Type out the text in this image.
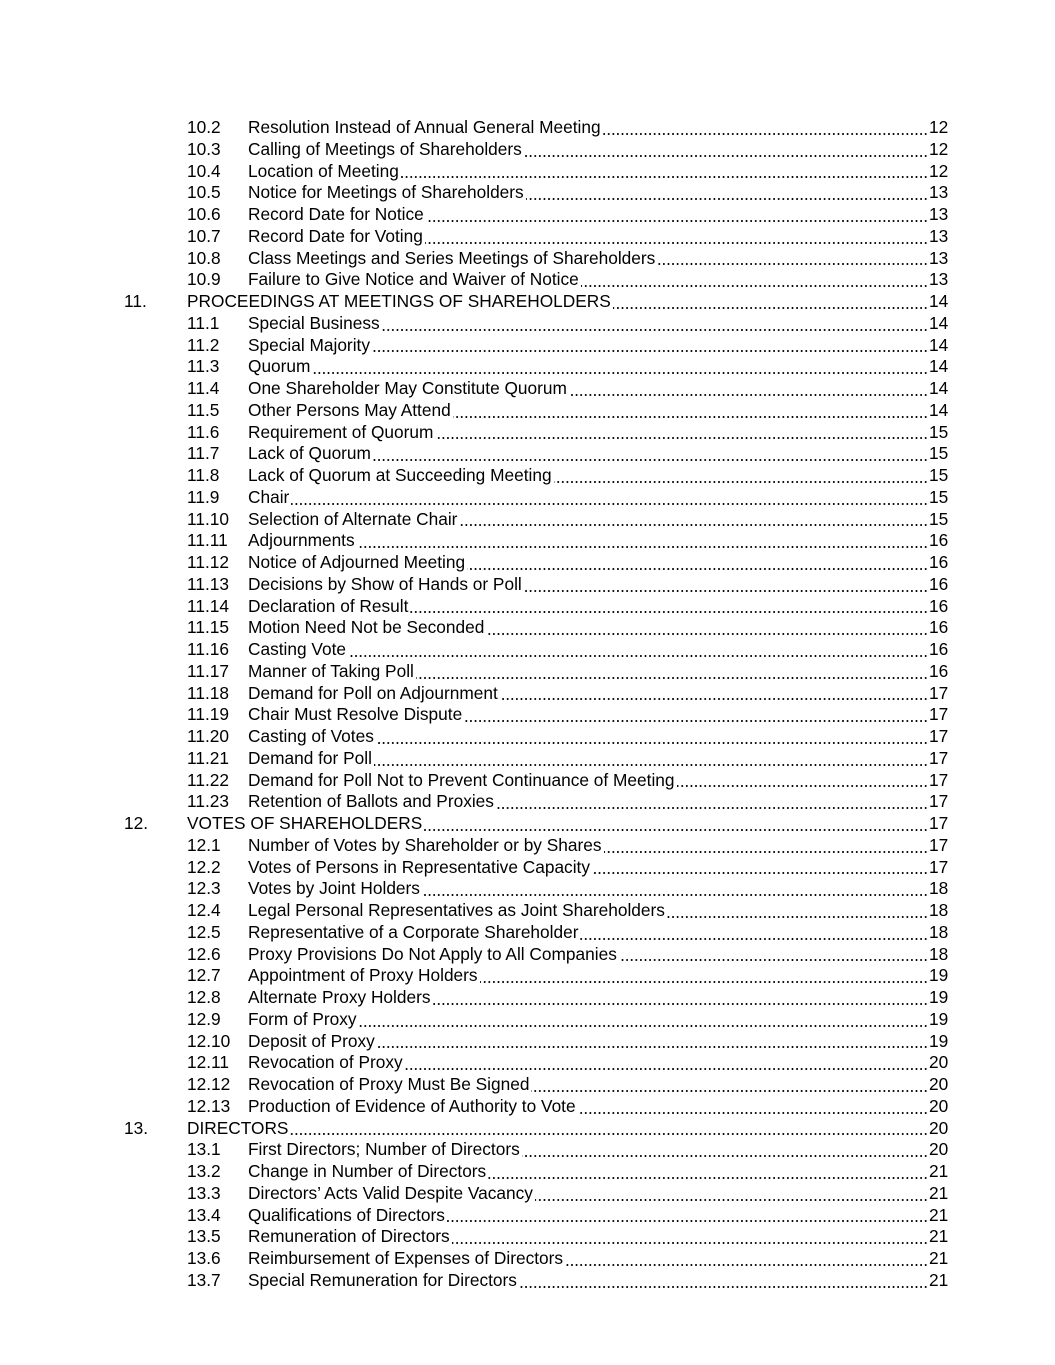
10.2 Resolution Instead of Annual General Meeting	12
10.3 Calling of Meetings of Shareholders	12
10.4 Location of Meeting	12
10.5 Notice for Meetings of Shareholders	13
10.6 Record Date for Notice	13
10.7 Record Date for Voting	13
10.8 Class Meetings and Series Meetings of Shareholders	13
10.9 Failure to Give Notice and Waiver of Notice	13
11. PROCEEDINGS AT MEETINGS OF SHAREHOLDERS	14
11.1 Special Business	14
11.2 Special Majority	14
11.3 Quorum	14
11.4 One Shareholder May Constitute Quorum	14
11.5 Other Persons May Attend	14
11.6 Requirement of Quorum	15
11.7 Lack of Quorum	15
11.8 Lack of Quorum at Succeeding Meeting	15
11.9 Chair	15
11.10 Selection of Alternate Chair	15
11.11 Adjournments	16
11.12 Notice of Adjourned Meeting	16
11.13 Decisions by Show of Hands or Poll	16
11.14 Declaration of Result	16
11.15 Motion Need Not be Seconded	16
11.16 Casting Vote	16
11.17 Manner of Taking Poll	16
11.18 Demand for Poll on Adjournment	17
11.19 Chair Must Resolve Dispute	17
11.20 Casting of Votes	17
11.21 Demand for Poll	17
11.22 Demand for Poll Not to Prevent Continuance of Meeting	17
11.23 Retention of Ballots and Proxies	17
12. VOTES OF SHAREHOLDERS	17
12.1 Number of Votes by Shareholder or by Shares	17
12.2 Votes of Persons in Representative Capacity	17
12.3 Votes by Joint Holders	18
12.4 Legal Personal Representatives as Joint Shareholders	18
12.5 Representative of a Corporate Shareholder	18
12.6 Proxy Provisions Do Not Apply to All Companies	18
12.7 Appointment of Proxy Holders	19
12.8 Alternate Proxy Holders	19
12.9 Form of Proxy	19
12.10 Deposit of Proxy	19
12.11 Revocation of Proxy	20
12.12 Revocation of Proxy Must Be Signed	20
12.13 Production of Evidence of Authority to Vote	20
13. DIRECTORS	20
13.1 First Directors; Number of Directors	20
13.2 Change in Number of Directors	21
13.3 Directors’ Acts Valid Despite Vacancy	21
13.4 Qualifications of Directors	21
13.5 Remuneration of Directors	21
13.6 Reimbursement of Expenses of Directors	21
13.7 Special Remuneration for Directors	21
